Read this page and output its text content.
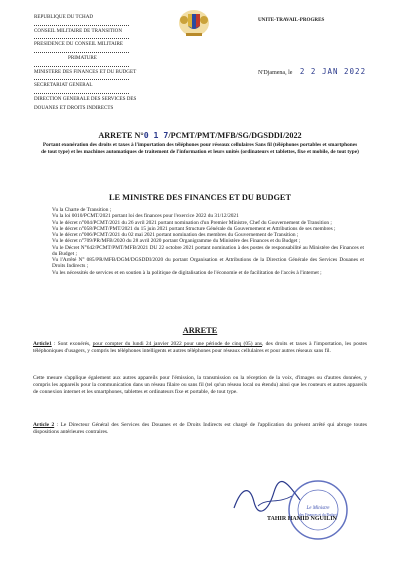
REPUBLIQUE DU TCHAD
CONSEIL MILITAIRE DE TRANSITION
PRESIDENCE DU CONSEIL MILITAIRE
PRIMATURE
MINISTERE DES FINANCES ET DU BUDGET
SECRETARIAT GENERAL
DIRECTION GENERALE DES SERVICES DES
DOUANES ET DROITS INDIRECTS
UNITE-TRAVAIL-PROGRES
N'Djamena, le 2 2 JAN 2022
ARRETE N°0 1 7/PCMT/PMT/MFB/SG/DGSDDI/2022
Portant exonération des droits et taxes à l'importation des téléphones pour réseaux cellulaires Sans fil (téléphones portables et smartphones de tout type) et les machines automatiques de traitement de l'information et leurs unités (ordinateurs et tablettes, fixe et mobile, de tout type)
LE MINISTRE DES FINANCES ET DU BUDGET
Vu la Charte de Transition ;
Vu la loi 0010/PCMT/2021 portant loi des finances pour l'exercice 2022 du 31/12/2021
Vu le décret n°004/PCMT/2021 du 26 avril 2021 portant nomination d'un Premier Ministre, Chef du Gouvernement de Transition ;
Vu le décret n°058/PCMT/PMT/2021 du 15 juin 2021 portant Structure Générale du Gouvernement et Attributions de ses membres ;
Vu le décret n°006/PCMT/2021 du 02 mai 2021 portant nomination des membres du Gouvernement de Transition ;
Vu le décret n°709/PR/MFB/2020 du 28 avril 2020 portant Organigramme du Ministère des Finances et du Budget ;
Vu le Décret N°642/PCMT/PMT/MFB/2021 DU 22 octobre 2021 portant nomination à des postes de responsabilité au Ministère des Finances et du Budget ;
Vu l'Arrêté N° 085/PR/MFB/DGM/DGSDDI/2020 du portant Organisation et Attributions de la Direction Générale des Services Douanes et Droits Indirects ;
Vu les nécessités de services et en soutien à la politique de digitalisation de l'économie et de facilitation de l'accès à l'internet ;
ARRETE
Article1 : Sont exonérés, pour compter du lundi 24 janvier 2022 pour une période de cinq (05) ans, des droits et taxes à l'importation, les postes téléphoniques d'usagers, y compris les téléphones intelligents et autres téléphones pour réseaux cellulaires et pour autres réseaux sans fil.
Cette mesure s'applique également aux autres appareils pour l'émission, la transmission ou la réception de la voix, d'images ou d'autres données, y compris les appareils pour la communication dans un réseau filaire ou sans fil (tel qu'un réseau local ou étendu) ainsi que les routeurs et autres appareils de connexion internet et les smartphones, tablettes et ordinateurs fixe et portable, de tout type.
Article 2 : Le Directeur Général des Services des Douanes et de Droits Indirects est chargé de l'application du présent arrêté qui abroge toutes dispositions antérieures contraires.
Le Ministre
des Finances et du Budget
TAHIR HAMID NGUILIN
